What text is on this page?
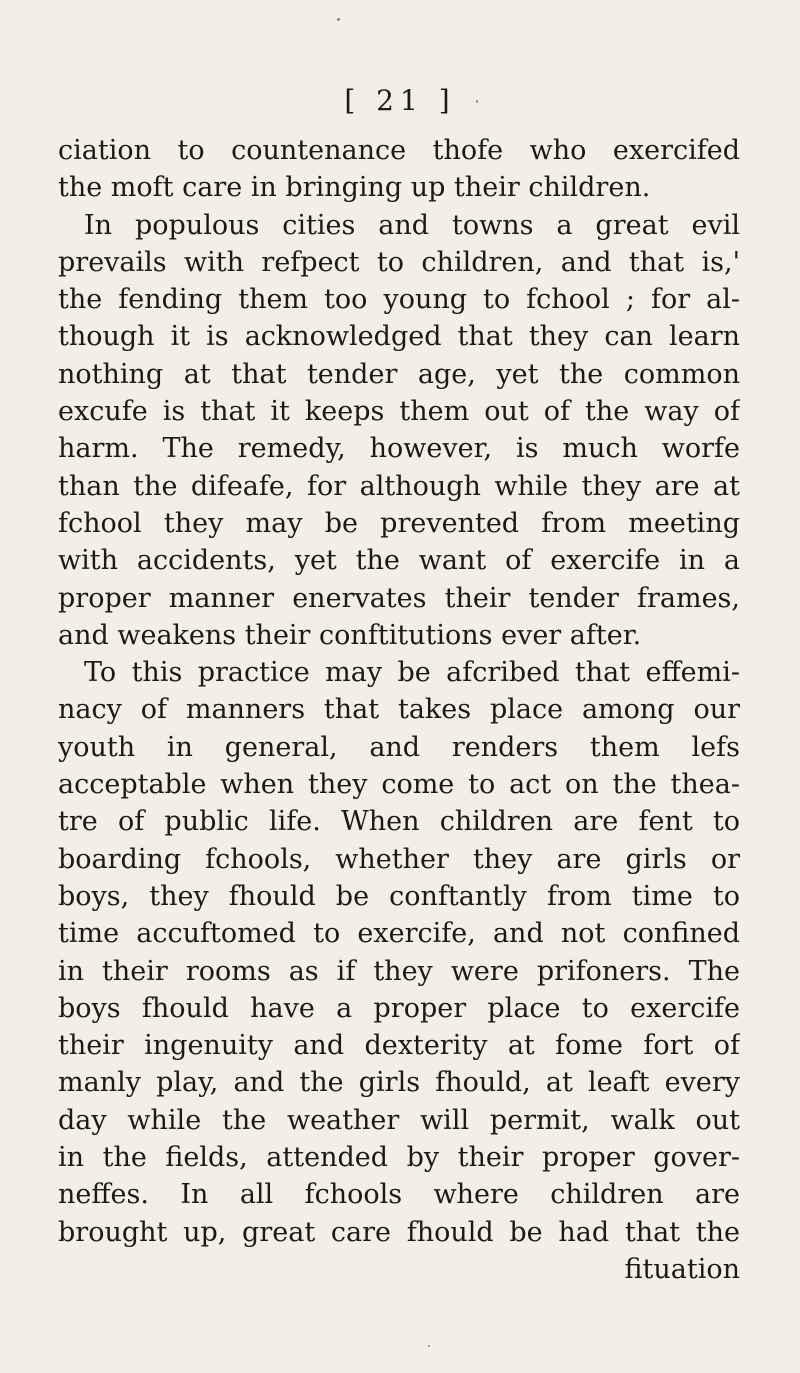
[ 21 ]
ciation to countenance thofe who exercifed
the moft care in bringing up their children.
In populous cities and towns a great evil
prevails with refpect to children, and that is,'
the fending them too young to fchool ; for al-
though it is acknowledged that they can learn
nothing at that tender age, yet the common
excufe is that it keeps them out of the way of
harm. The remedy, however, is much worfe
than the difeafe, for although while they are at
fchool they may be prevented from meeting
with accidents, yet the want of exercife in a
proper manner enervates their tender frames,
and weakens their conftitutions ever after.
To this practice may be afcribed that effemi-
nacy of manners that takes place among our
youth in general, and renders them lefs
acceptable when they come to act on the thea-
tre of public life. When children are fent to
boarding fchools, whether they are girls or
boys, they fhould be conftantly from time to
time accuftomed to exercife, and not confined
in their rooms as if they were prifoners. The
boys fhould have a proper place to exercife
their ingenuity and dexterity at fome fort of
manly play, and the girls fhould, at leaft every
day while the weather will permit, walk out
in the fields, attended by their proper gover-
neffes. In all fchools where children are
brought up, great care fhould be had that the
fituation
